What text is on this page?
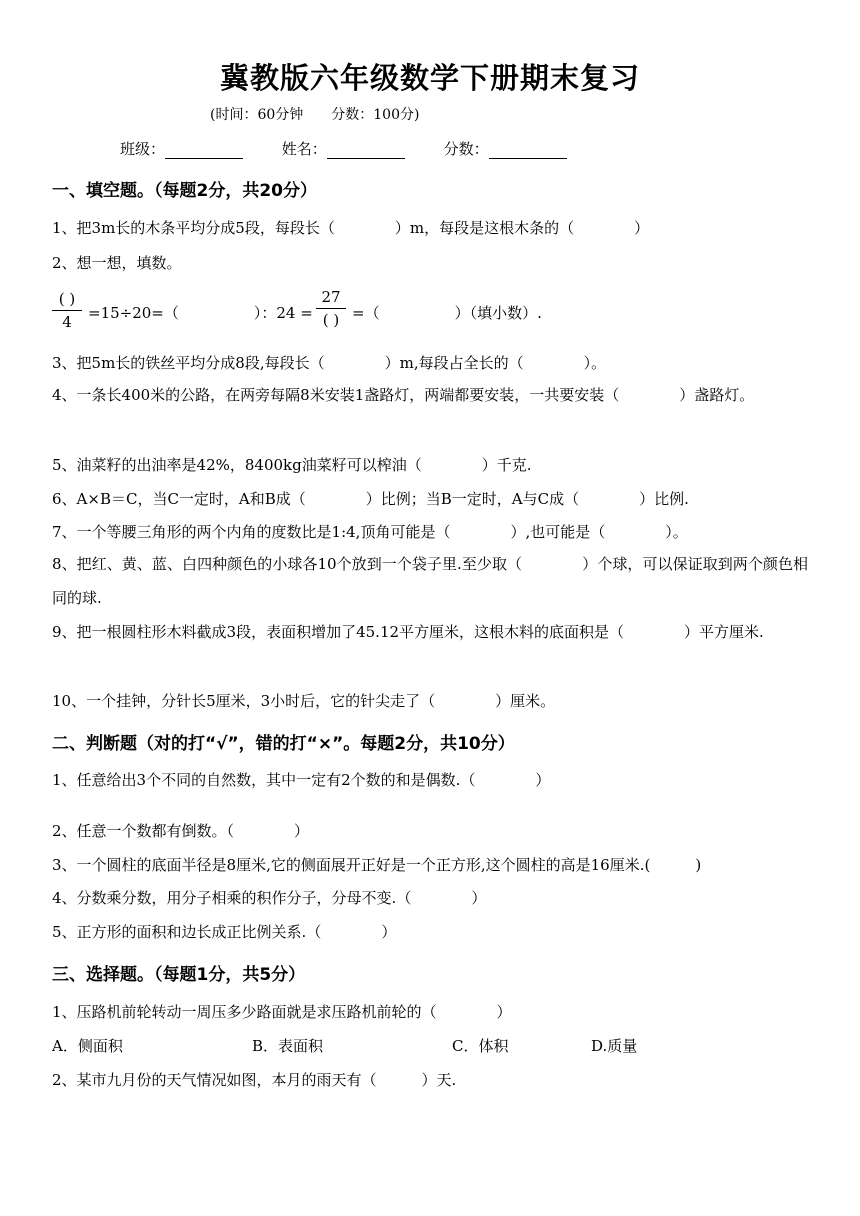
冀教版六年级数学下册期末复习
(时间：60分钟　　分数：100分)
班级：	姓名：	分数：
一、填空题。（每题2分，共20分）
1、把3m长的木条平均分成5段，每段长（　　　　）m，每段是这根木条的（　　　　）
2、想一想，填数。
( )
4	=15÷20=（　　　　　）：24 =
27
( ) =（　　　　　）（填小数）.
3、把5m长的铁丝平均分成8段,每段长（　　　　）m,每段占全长的（　　　　）。
4、一条长400米的公路，在两旁每隔8米安装1盏路灯，两端都要安装，一共要安装（　　　　）盏路灯。
5、油菜籽的出油率是42%，8400kg油菜籽可以榨油（　　　　）千克.
6、A×B＝C，当C一定时，A和B成（　　　　）比例；当B一定时，A与C成（　　　　）比例.
7、一个等腰三角形的两个内角的度数比是1:4,顶角可能是（　　　　）,也可能是（　　　　）。
8、把红、黄、蓝、白四种颜色的小球各10个放到一个袋子里.至少取（　　　　）个球，可以保证取到两个颜色相同的球.
9、把一根圆柱形木料截成3段，表面积增加了45.12平方厘米，这根木料的底面积是（　　　　）平方厘米.
10、一个挂钟，分针长5厘米，3小时后，它的针尖走了（　　　　）厘米。
二、判断题（对的打“√”，错的打“×”。每题2分，共10分）
1、任意给出3个不同的自然数，其中一定有2个数的和是偶数.（　　　　）
2、任意一个数都有倒数。（　　　　）
3、一个圆柱的底面半径是8厘米,它的侧面展开正好是一个正方形,这个圆柱的高是16厘米.(　　　)
4、分数乘分数，用分子相乘的积作分子，分母不变.（　　　　）
5、正方形的面积和边长成正比例关系.（　　　　）
三、选择题。（每题1分，共5分）
1、压路机前轮转动一周压多少路面就是求压路机前轮的（　　　　）
A．侧面积	B．表面积	C．体积	D.质量
2、某市九月份的天气情况如图，本月的雨天有（　　　）天.
